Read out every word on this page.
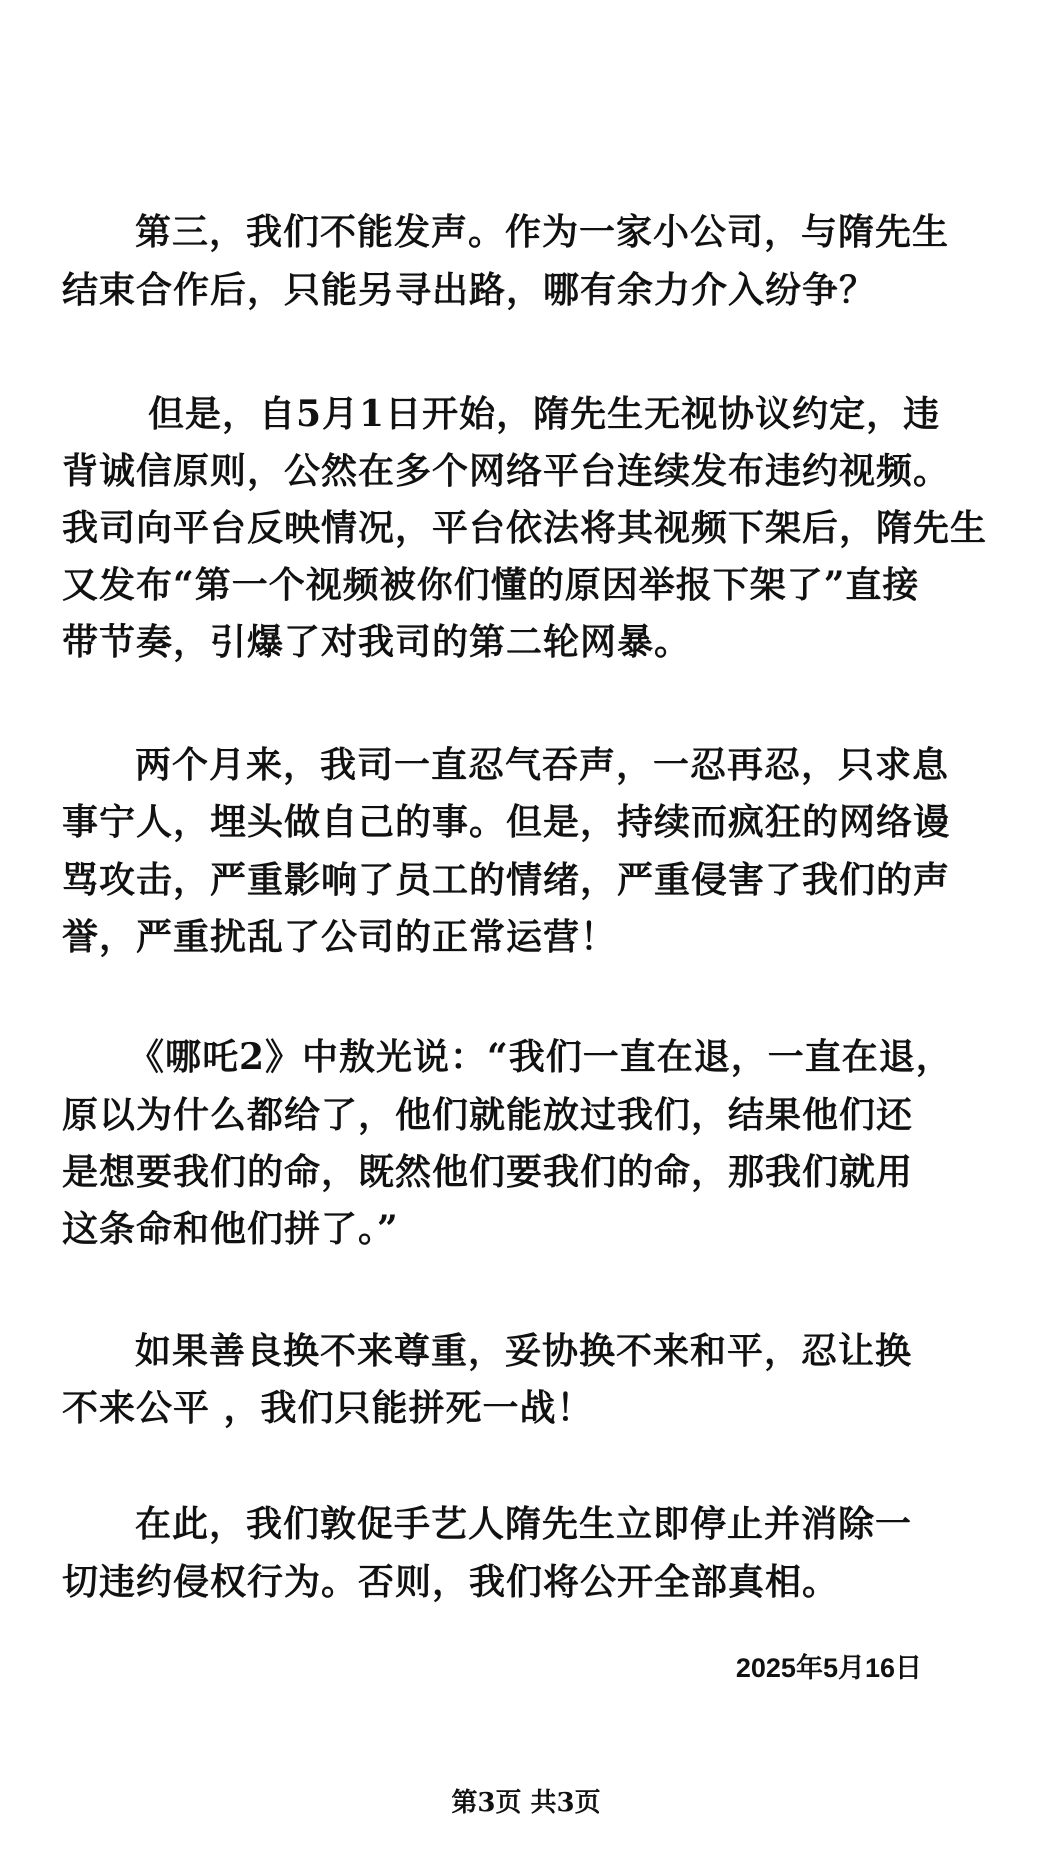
第三，我们不能发声。作为一家小公司，与隋先生
结束合作后，只能另寻出路，哪有余力介入纷争？
但是，自5月1日开始，隋先生无视协议约定，违
背诚信原则，公然在多个网络平台连续发布违约视频。
我司向平台反映情况，平台依法将其视频下架后，隋先生
又发布“第一个视频被你们懂的原因举报下架了”直接
带节奏，引爆了对我司的第二轮网暴。
两个月来，我司一直忍气吞声，一忍再忍，只求息
事宁人，埋头做自己的事。但是，持续而疯狂的网络谩
骂攻击，严重影响了员工的情绪，严重侵害了我们的声
誉，严重扰乱了公司的正常运营！
《哪吒2》中敖光说：“我们一直在退，一直在退，
原以为什么都给了，他们就能放过我们，结果他们还
是想要我们的命，既然他们要我们的命，那我们就用
这条命和他们拼了。”
如果善良换不来尊重，妥协换不来和平，忍让换
不来公平 ，我们只能拼死一战！
在此，我们敦促手艺人隋先生立即停止并消除一
切违约侵权行为。否则，我们将公开全部真相。
2025年5月16日
第3页 共3页
